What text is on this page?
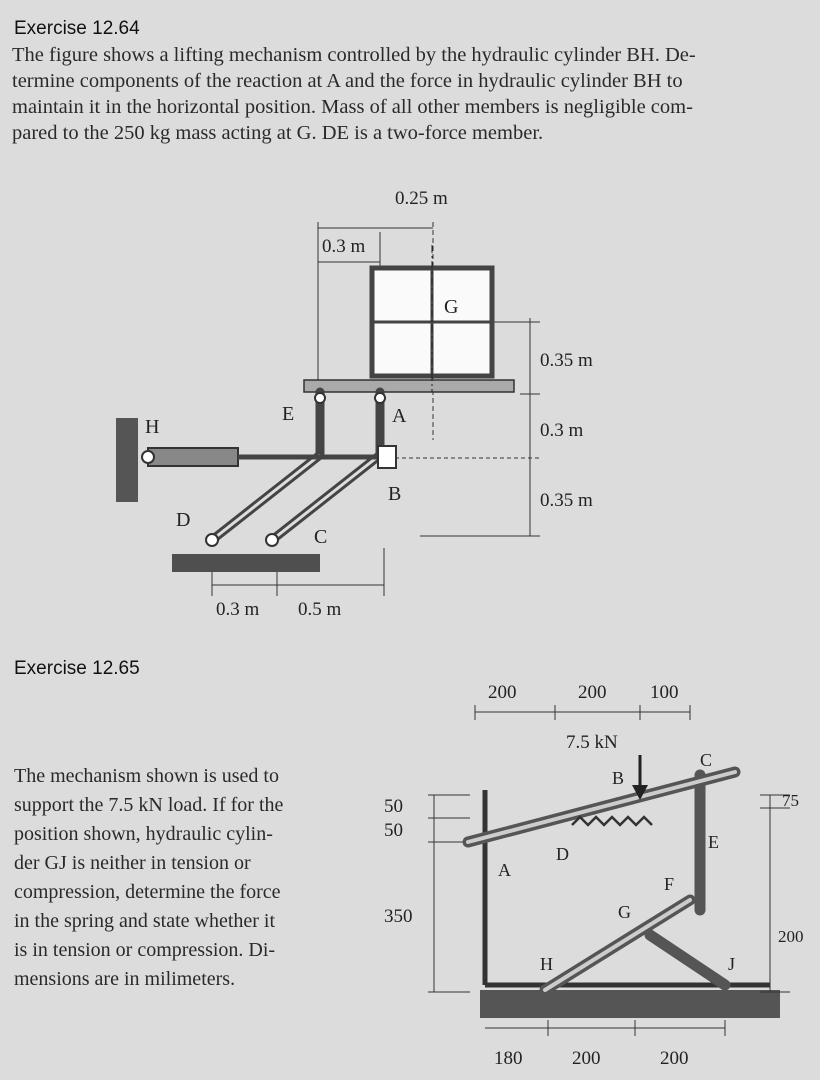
Exercise 12.64
The figure shows a lifting mechanism controlled by the hydraulic cylinder BH. De-
termine components of the reaction at A and the force in hydraulic cylinder BH to
maintain it in the horizontal position. Mass of all other members is negligible com-
pared to the 250 kg mass acting at G. DE is a two-force member.
Exercise 12.65
The mechanism shown is used to
support the 7.5 kN load. If for the
position shown, hydraulic cylin-
der GJ is neither in tension or
compression, determine the force
in the spring and state whether it
is in tension or compression. Di-
mensions are in milimeters.
0.25 m
0.3 m
G
0.35 m
0.3 m
0.35 m
H
E	A
B
D
C
0.3 m 0.5 m
200	200 100
7.5 kN
50
50
350
75
200
180	200	200
A
B
C
D
E
F
G
H	J
